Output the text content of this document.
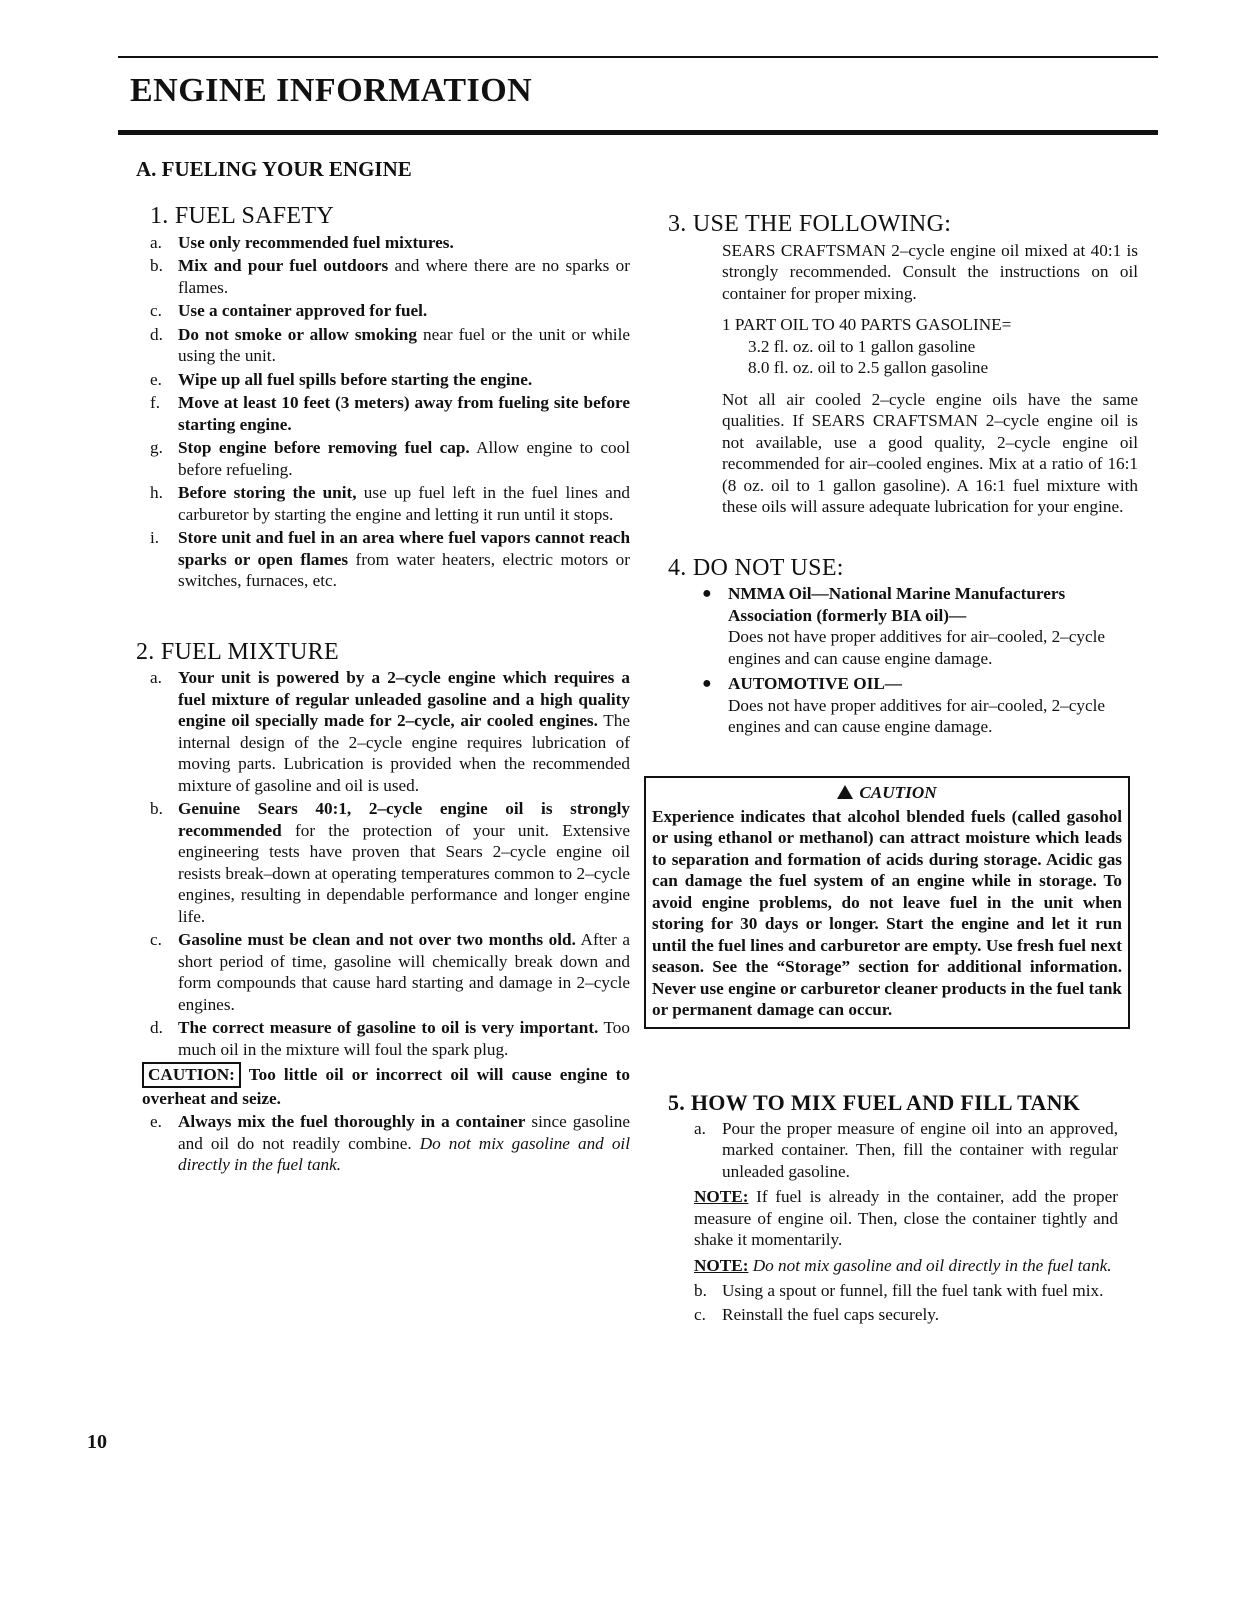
ENGINE INFORMATION
A. FUELING YOUR ENGINE
1. FUEL SAFETY
a. Use only recommended fuel mixtures.
b. Mix and pour fuel outdoors and where there are no sparks or flames.
c. Use a container approved for fuel.
d. Do not smoke or allow smoking near fuel or the unit or while using the unit.
e. Wipe up all fuel spills before starting the engine.
f.	Move at least 10 feet (3 meters) away from fueling site before starting engine.
g. Stop engine before removing fuel cap. Allow engine to cool before refueling.
h. Before storing the unit, use up fuel left in the fuel lines and carburetor by starting the engine and letting it run until it stops.
i.	Store unit and fuel in an area where fuel vapors cannot reach sparks or open flames from water heaters, electric motors or switches, furnaces, etc.
2. FUEL MIXTURE
a. Your unit is powered by a 2–cycle engine which requires a fuel mixture of regular unleaded gasoline and a high quality engine oil specially made for 2–cycle, air cooled engines. The internal design of the 2–cycle engine requires lubrication of moving parts. Lubrication is provided when the recommended mixture of gasoline and oil is used.
b. Genuine Sears 40:1, 2–cycle engine oil is strongly recommended for the protection of your unit. Extensive engineering tests have proven that Sears 2–cycle engine oil resists break–down at operating temperatures common to 2–cycle engines, resulting in dependable performance and longer engine life.
c. Gasoline must be clean and not over two months old. After a short period of time, gasoline will chemically break down and form compounds that cause hard starting and damage in 2–cycle engines.
d. The correct measure of gasoline to oil is very important. Too much oil in the mixture will foul the spark plug.
CAUTION: Too little oil or incorrect oil will cause engine to overheat and seize.
e. Always mix the fuel thoroughly in a container since gasoline and oil do not readily combine. Do not mix gasoline and oil directly in the fuel tank.
3. USE THE FOLLOWING:

SEARS CRAFTSMAN 2–cycle engine oil mixed at 40:1 is strongly recommended. Consult the instructions on oil container for proper mixing.

1 PART OIL TO 40 PARTS GASOLINE=

3.2 fl. oz. oil to 1 gallon gasoline

8.0 fl. oz. oil to 2.5 gallon gasoline

Not all air cooled 2–cycle engine oils have the same qualities. If SEARS CRAFTSMAN 2–cycle engine oil is not available, use a good quality, 2–cycle engine oil recommended for air–cooled engines. Mix at a ratio of 16:1 (8 oz. oil to 1 gallon gasoline). A 16:1 fuel mixture with these oils will assure adequate lubrication for your engine.

4. DO NOT USE:
● NMMA Oil––National Marine Manufacturers Association (formerly BIA oil)––
Does not have proper additives for air–cooled, 2–cycle engines and can cause engine damage.
● AUTOMOTIVE OIL––
Does not have proper additives for air–cooled, 2–cycle engines and can cause engine damage.
CAUTION

Experience indicates that alcohol blended fuels (called gasohol or using ethanol or methanol) can attract moisture which leads to separation and formation of acids during storage. Acidic gas can damage the fuel system of an engine while in storage. To avoid engine problems, do not leave fuel in the unit when storing for 30 days or longer. Start the engine and let it run until the fuel lines and carburetor are empty. Use fresh fuel next season. See the “Storage” section for additional information. Never use engine or carburetor cleaner products in the fuel tank or permanent damage can occur.

5. HOW TO MIX FUEL AND FILL TANK
a. Pour the proper measure of engine oil into an approved, marked container. Then, fill the container with regular unleaded gasoline.

NOTE: If fuel is already in the container, add the proper measure of engine oil. Then, close the container tightly and shake it momentarily.

NOTE: Do not mix gasoline and oil directly in the fuel tank.

b. Using a spout or funnel, fill the fuel tank with fuel mix.
c. Reinstall the fuel caps securely.

10
